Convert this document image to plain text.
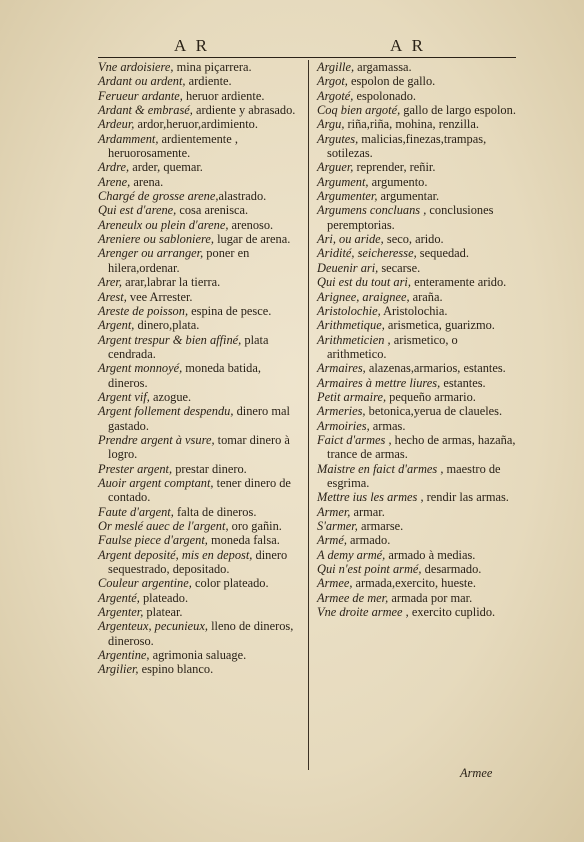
A R	A R

Vne ardoisiere, mina piçarrera.

Ardant ou ardent, ardiente.

Ferueur ardante, heruor ardiente.

Ardant & embrasé, ardiente y abrasado.

Ardeur, ardor,heruor,ardimiento.

Ardamment, ardientemente , heruorosamente.

Ardre, arder, quemar.

Arene, arena.

Chargé de grosse arene,alastrado.

Qui est d'arene, cosa arenisca.

Areneulx ou plein d'arene, arenoso.

Areniere ou sabloniere, lugar de arena.

Arenger ou arranger, poner en hilera,ordenar.

Arer, arar,labrar la tierra.

Arest, vee Arrester.

Areste de poisson, espina de pesce.

Argent, dinero,plata.

Argent trespur & bien affiné, plata cendrada.

Argent monnoyé, moneda batida, dineros.

Argent vif, azogue.

Argent follement despendu, dinero mal gastado.

Prendre argent à vsure, tomar dinero à logro.

Prester argent, prestar dinero.

Auoir argent comptant, tener dinero de contado.

Faute d'argent, falta de dineros.

Or meslé auec de l'argent, oro gañin.

Faulse piece d'argent, moneda falsa.

Argent deposité, mis en depost, dinero sequestrado, depositado.

Couleur argentine, color plateado.

Argenté, plateado.

Argenter, platear.

Argenteux, pecunieux, lleno de dineros, dineroso.

Argentine, agrimonia saluage.

Argilier, espino blanco.

Argille, argamassa.

Argot, espolon de gallo.

Argoté, espolonado.

Coq bien argoté, gallo de largo espolon.

Argu, riña,riña, mohina, renzilla.

Argutes, malicias,finezas,trampas, sotilezas.

Arguer, reprender, reñir.

Argument, argumento.

Argumenter, argumentar.

Argumens concluans , conclusiones peremptorias.

Ari, ou aride, seco, arido.

Aridité, seicheresse, sequedad.

Deuenir ari, secarse.

Qui est du tout ari, enteramente arido.

Arignee, araignee, araña.

Aristolochie, Aristolochia.

Arithmetique, arismetica, guarizmo.

Arithmeticien , arismetico, o arithmetico.

Armaires, alazenas,armarios, estantes.

Armaires à mettre liures, estantes.

Petit armaire, pequeño armario.

Armeries, betonica,yerua de claueles.

Armoiries, armas.

Faict d'armes , hecho de armas, hazaña, trance de armas.

Maistre en faict d'armes , maestro de esgrima.

Mettre ius les armes , rendir las armas.

Armer, armar.

S'armer, armarse.

Armé, armado.

A demy armé, armado à medias.

Qui n'est point armé, desarmado.

Armee, armada,exercito, hueste.

Armee de mer, armada por mar.

Vne droite armee , exercito cuplido.

Armee
